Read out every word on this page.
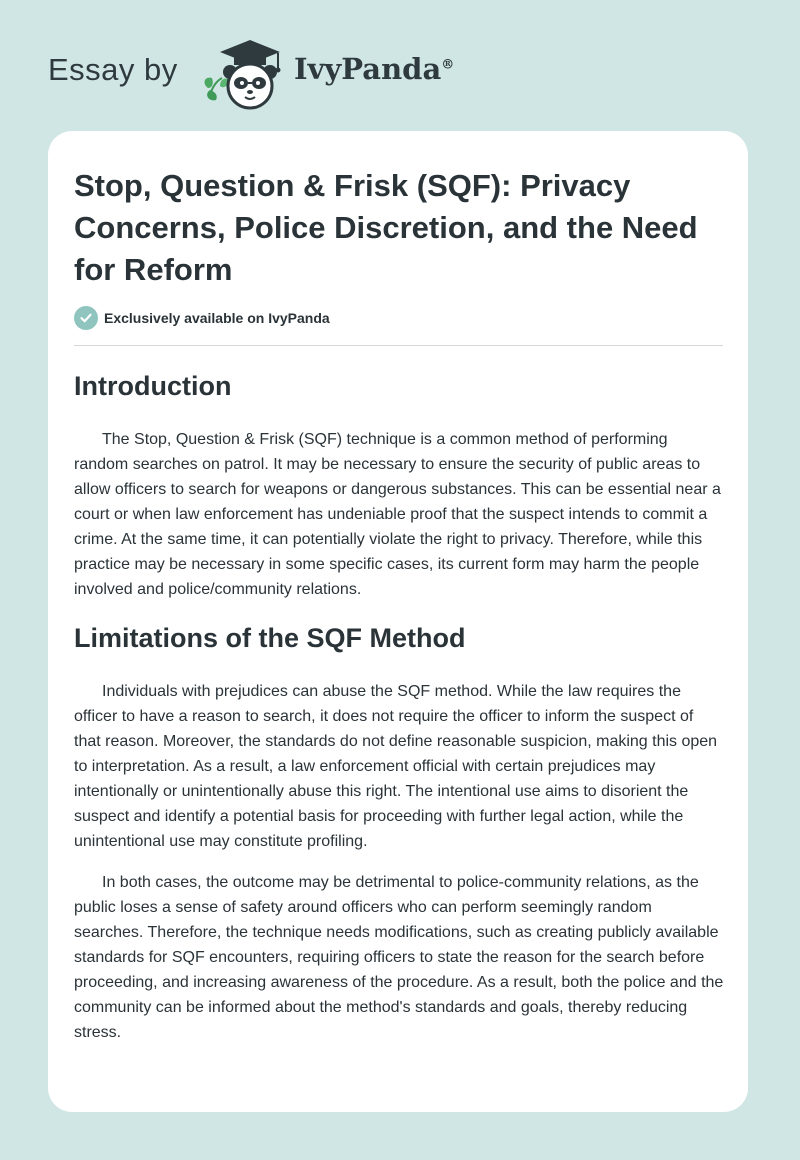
Essay by	IvyPanda®
Stop, Question & Frisk (SQF): Privacy Concerns, Police Discretion, and the Need for Reform
Exclusively available on IvyPanda
Introduction

The Stop, Question & Frisk (SQF) technique is a common method of performing random searches on patrol. It may be necessary to ensure the security of public areas to allow officers to search for weapons or dangerous substances. This can be essential near a court or when law enforcement has undeniable proof that the suspect intends to commit a crime. At the same time, it can potentially violate the right to privacy. Therefore, while this practice may be necessary in some specific cases, its current form may harm the people involved and police/community relations.

Limitations of the SQF Method

Individuals with prejudices can abuse the SQF method. While the law requires the officer to have a reason to search, it does not require the officer to inform the suspect of that reason. Moreover, the standards do not define reasonable suspicion, making this open to interpretation. As a result, a law enforcement official with certain prejudices may intentionally or unintentionally abuse this right. The intentional use aims to disorient the suspect and identify a potential basis for proceeding with further legal action, while the unintentional use may constitute profiling.

In both cases, the outcome may be detrimental to police-community relations, as the public loses a sense of safety around officers who can perform seemingly random searches. Therefore, the technique needs modifications, such as creating publicly available standards for SQF encounters, requiring officers to state the reason for the search before proceeding, and increasing awareness of the procedure. As a result, both the police and the community can be informed about the method's standards and goals, thereby reducing stress.
